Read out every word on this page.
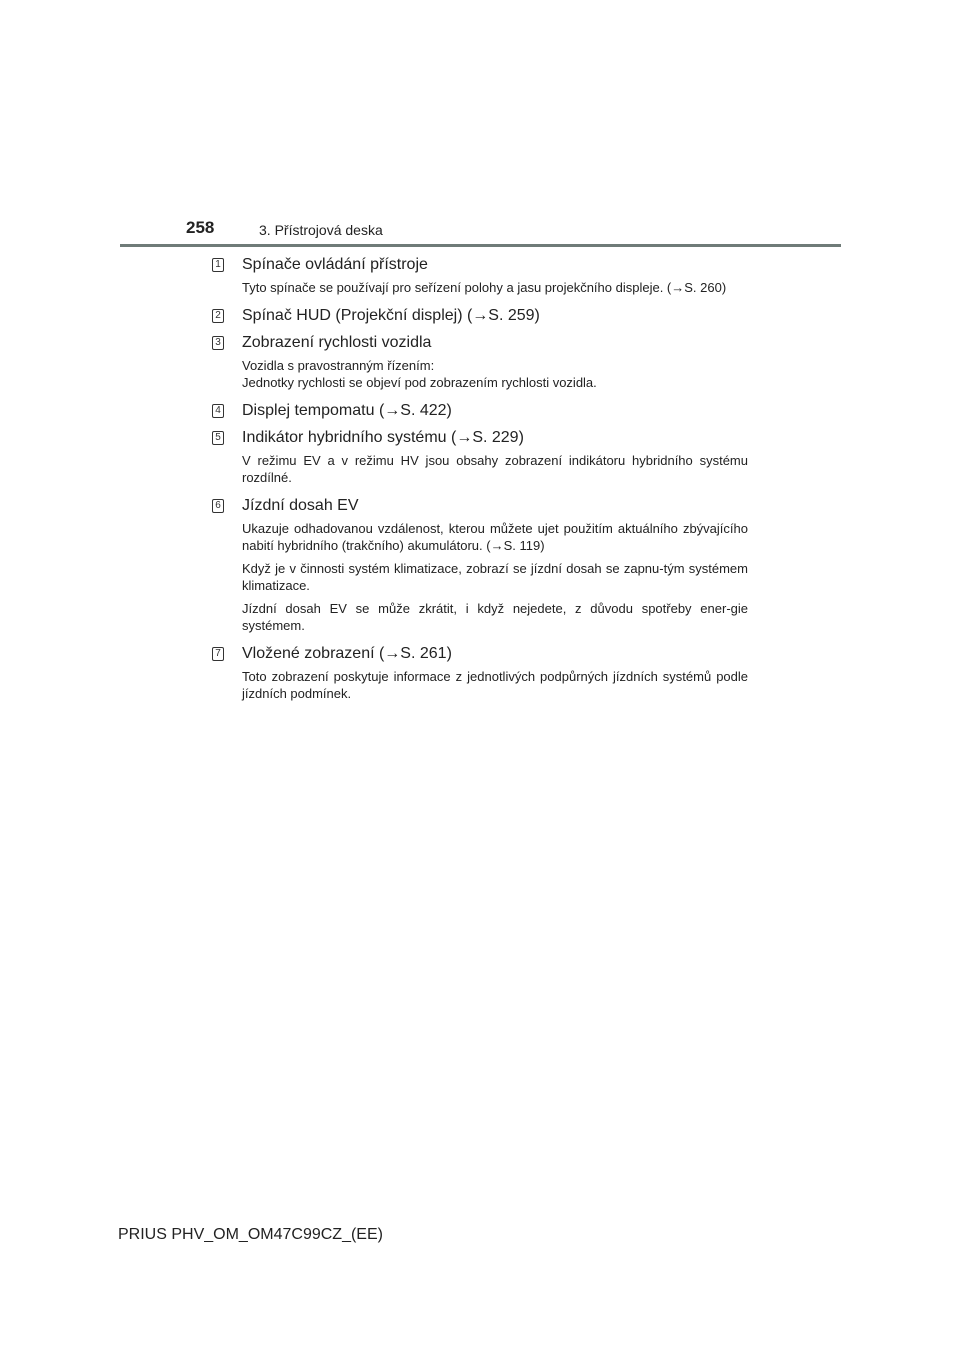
258	3. Přístrojová deska
1 Spínače ovládání přístroje

Tyto spínače se používají pro seřízení polohy a jasu projekčního displeje. (→S. 260)

2 Spínač HUD (Projekční displej) (→S. 259)
3 Zobrazení rychlosti vozidla

Vozidla s pravostranným řízením:
Jednotky rychlosti se objeví pod zobrazením rychlosti vozidla.

4 Displej tempomatu (→S. 422)
5 Indikátor hybridního systému (→S. 229)

V režimu EV a v režimu HV jsou obsahy zobrazení indikátoru hybridního systému rozdílné.

6 Jízdní dosah EV

Ukazuje odhadovanou vzdálenost, kterou můžete ujet použitím aktuálního zbývajícího nabití hybridního (trakčního) akumulátoru. (→S. 119)

Když je v činnosti systém klimatizace, zobrazí se jízdní dosah se zapnu-tým systémem klimatizace.

Jízdní dosah EV se může zkrátit, i když nejedete, z důvodu spotřeby ener-gie systémem.

7 Vložené zobrazení (→S. 261)

Toto zobrazení poskytuje informace z jednotlivých podpůrných jízdních systémů podle jízdních podmínek.

PRIUS PHV_OM_OM47C99CZ_(EE)
